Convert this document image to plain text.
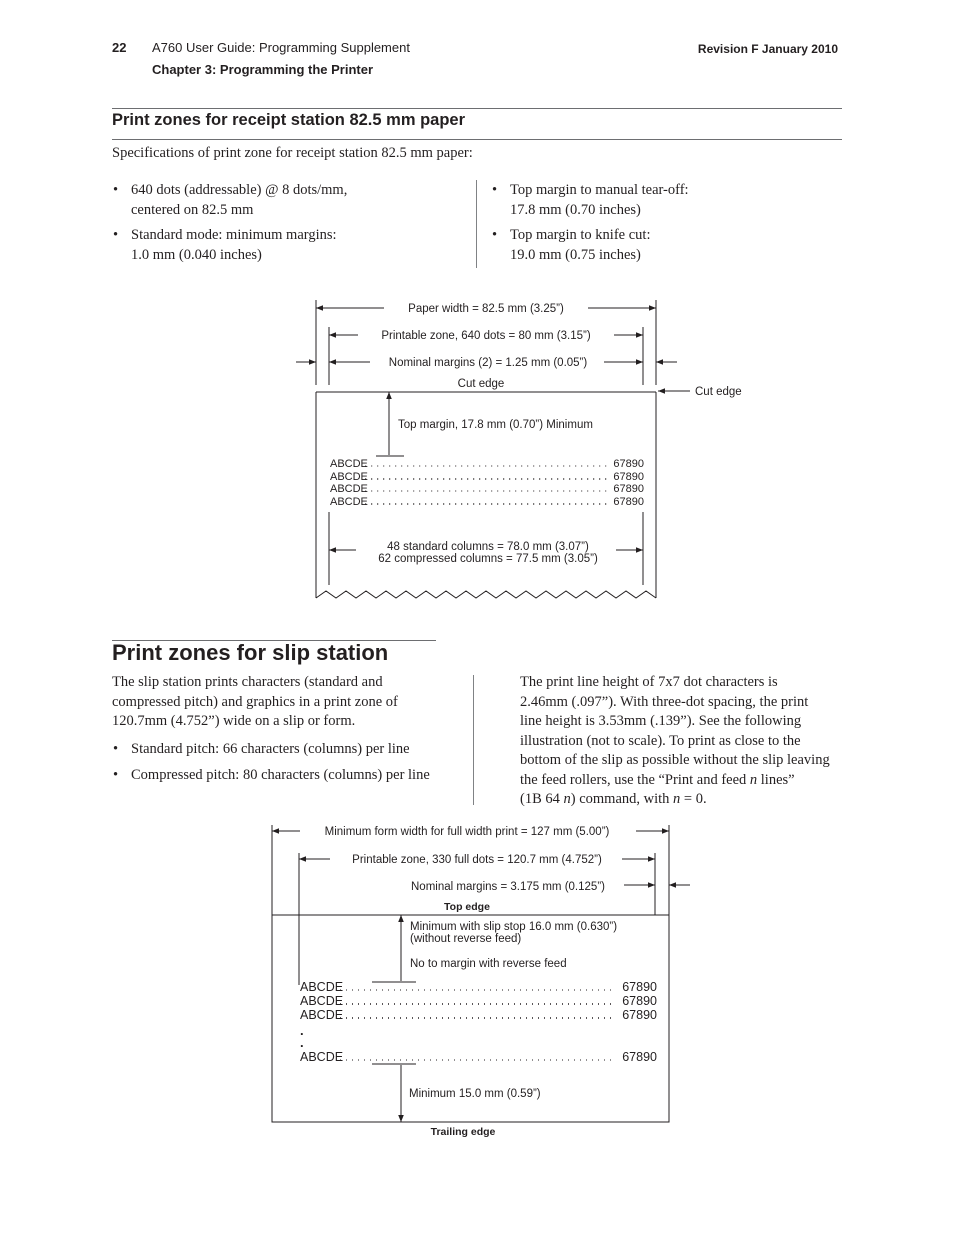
22 A760 User Guide: Programming Supplement
Chapter 3: Programming the Printer
Revision F January 2010
Print zones for receipt station 82.5 mm paper
Specifications of print zone for receipt station 82.5 mm paper:
• 640 dots (addressable) @ 8 dots/mm,
centered on 82.5 mm
• Standard mode: minimum margins:
1.0 mm (0.040 inches)
• Top margin to manual tear-off:
17.8 mm (0.70 inches)
• Top margin to knife cut:
19.0 mm (0.75 inches)
Paper width = 82.5 mm (3.25”)
Printable zone, 640 dots = 80 mm (3.15”)
Nominal margins (2) = 1.25 mm (0.05”)
Cut edge
Cut edge
Top margin, 17.8 mm (0.70”) Minimum
ABCDE	67890
ABCDE	67890
ABCDE	67890
ABCDE	67890
48 standard columns = 78.0 mm (3.07”)
62 compressed columns = 77.5 mm (3.05”)
Print zones for slip station
The slip station prints characters (standard and
compressed pitch) and graphics in a print zone of
120.7mm (4.752”) wide on a slip or form.
• Standard pitch: 66 characters (columns) per line
• Compressed pitch: 80 characters (columns) per line
The print line height of 7x7 dot characters is
2.46mm (.097”). With three-dot spacing, the print
line height is 3.53mm (.139”). See the following
illustration (not to scale). To print as close to the
bottom of the slip as possible without the slip leaving
the feed rollers, use the “Print and feed n lines”
(1B 64 n) command, with n = 0.
Minimum form width for full width print = 127 mm (5.00”)
Printable zone, 330 full dots = 120.7 mm (4.752”)
Nominal margins = 3.175 mm (0.125”)
Top edge
Minimum with slip stop 16.0 mm (0.630”)
(without reverse feed)
No to margin with reverse feed
ABCDE	67890
ABCDE	67890
ABCDE	67890
ABCDE	67890
.
.
Minimum 15.0 mm (0.59”)
Trailing edge
